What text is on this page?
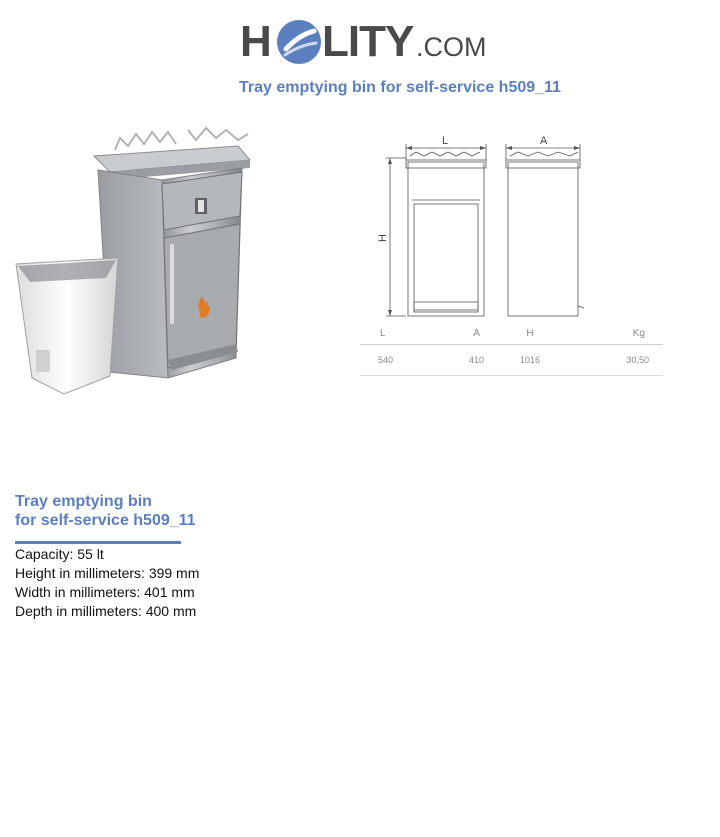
H LITY .COM
Tray emptying bin for self-service h509_11
L	A
H
L	A	H	Kg
540	410	1016	30,50
Tray emptying bin
for self-service h509_11
Capacity: 55 lt
Height in millimeters: 399 mm
Width in millimeters: 401 mm
Depth in millimeters: 400 mm
